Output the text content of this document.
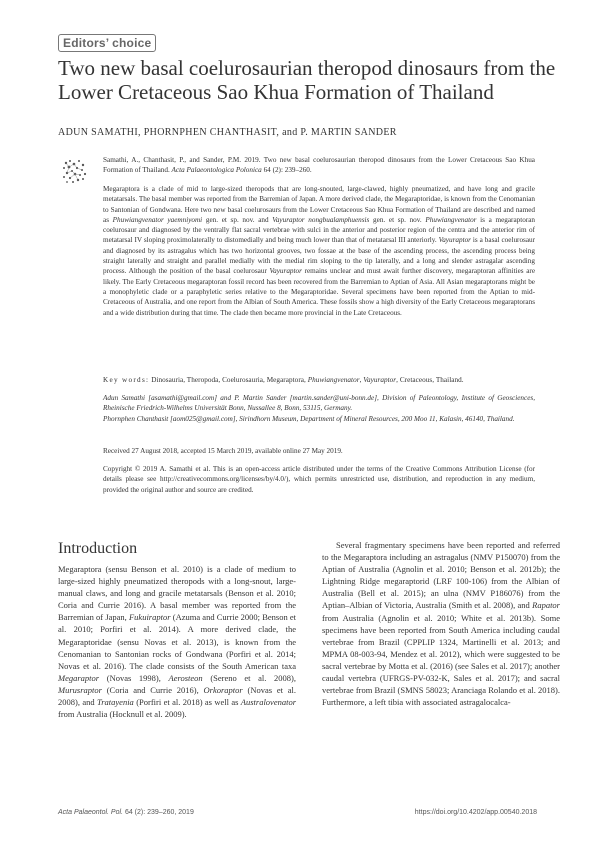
Editors’ choice
Two new basal coelurosaurian theropod dinosaurs from the Lower Cretaceous Sao Khua Formation of Thailand
ADUN SAMATHI, PHORNPHEN CHANTHASIT, and P. MARTIN SANDER
Samathi, A., Chanthasit, P., and Sander, P.M. 2019. Two new basal coelurosaurian theropod dinosaurs from the Lower Cretaceous Sao Khua Formation of Thailand. Acta Palaeontologica Polonica 64 (2): 239–260.
Megaraptora is a clade of mid to large-sized theropods that are long-snouted, large-clawed, highly pneumatized, and have long and gracile metatarsals. The basal member was reported from the Barremian of Japan. A more derived clade, the Megaraptoridae, is known from the Cenomanian to Santonian of Gondwana. Here two new basal coelurosaurs from the Lower Cretaceous Sao Khua Formation of Thailand are described and named as Phuwiangvenator yaemniyomi gen. et sp. nov. and Vayuraptor nongbualamphuensis gen. et sp. nov. Phuwiangvenator is a megaraptoran coelurosaur and diagnosed by the ventrally flat sacral vertebrae with sulci in the anterior and posterior region of the centra and the anterior rim of metatarsal IV sloping proximolaterally to distomedially and being much lower than that of metatarsal III anteriorly. Vayuraptor is a basal coelurosaur and diagnosed by its astragalus which has two horizontal grooves, two fossae at the base of the ascending process, the ascending process being straight laterally and straight and parallel medially with the medial rim sloping to the tip laterally, and a long and slender astragalar ascending process. Although the position of the basal coelurosaur Vayuraptor remains unclear and must await further discovery, megaraptoran affinities are likely. The Early Cretaceous megaraptoran fossil record has been recovered from the Barremian to Aptian of Asia. All Asian megaraptorans might be a monophyletic clade or a paraphyletic series relative to the Megaraptoridae. Several specimens have been reported from the Aptian to mid-Cretaceous of Australia, and one report from the Albian of South America. These fossils show a high diversity of the Early Cretaceous megaraptorans and a wide distribution during that time. The clade then became more provincial in the Late Cretaceous.
Key words: Dinosauria, Theropoda, Coelurosauria, Megaraptora, Phuwiangvenator, Vayuraptor, Cretaceous, Thailand.

Adun Samathi [asamathi@gmail.com] and P. Martin Sander [martin.sander@uni-bonn.de], Division of Paleontology, Institute of Geosciences, Rheinische Friedrich-Wilhelms Universität Bonn, Nussallee 8, Bonn, 53115, Germany.

Phornphen Chanthasit [aom025@gmail.com], Sirindhorn Museum, Department of Mineral Resources, 200 Moo 11, Kalasin, 46140, Thailand.

Received 27 August 2018, accepted 15 March 2019, available online 27 May 2019.
Copyright © 2019 A. Samathi et al. This is an open-access article distributed under the terms of the Creative Commons Attribution License (for details please see http://creativecommons.org/licenses/by/4.0/), which permits unrestricted use, distribution, and reproduction in any medium, provided the original author and source are credited.
Introduction

Megaraptora (sensu Benson et al. 2010) is a clade of medium to large-sized highly pneumatized theropods with a long-snout, large-manual claws, and long and gracile metatarsals (Benson et al. 2010; Coria and Currie 2016). A basal member was reported from the Barremian of Japan, Fukuiraptor (Azuma and Currie 2000; Benson et al. 2010; Porfiri et al. 2014). A more derived clade, the Megaraptoridae (sensu Novas et al. 2013), is known from the Cenomanian to Santonian rocks of Gondwana (Porfiri et al. 2014; Novas et al. 2016). The clade consists of the South American taxa Megaraptor (Novas 1998), Aerosteon (Sereno et al. 2008), Murusraptor (Coria and Currie 2016), Orkoraptor (Novas et al. 2008), and Tratayenia (Porfiri et al. 2018) as well as Australovenator from Australia (Hocknull et al. 2009).

Several fragmentary specimens have been reported and referred to the Megaraptora including an astragalus (NMV P150070) from the Aptian of Australia (Agnolin et al. 2010; Benson et al. 2012b); the Lightning Ridge megaraptorid (LRF 100-106) from the Albian of Australia (Bell et al. 2015); an ulna (NMV P186076) from the Aptian–Albian of Victoria, Australia (Smith et al. 2008), and Rapator from Australia (Agnolin et al. 2010; White et al. 2013b). Some specimens have been reported from South America including caudal vertebrae from Brazil (CPPLIP 1324, Martinelli et al. 2013; and MPMA 08-003-94, Mendez et al. 2012), which were suggested to be sacral vertebrae by Motta et al. (2016) (see Sales et al. 2017); another caudal vertebra (UFRGS-PV-032-K, Sales et al. 2017); and sacral vertebrae from Brazil (SMNS 58023; Aranciaga Rolando et al. 2018). Furthermore, a left tibia with associated astragalocalca-

Acta Palaeontol. Pol. 64 (2): 239–260, 2019	https://doi.org/10.4202/app.00540.2018
